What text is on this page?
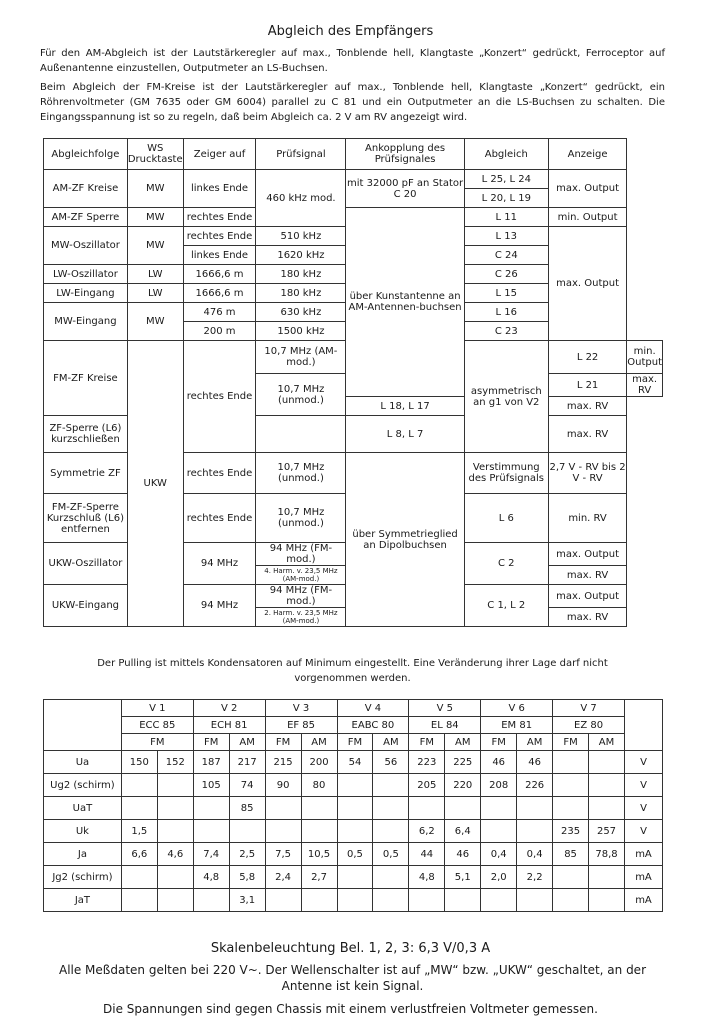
Abgleich des Empfängers
Für den AM-Abgleich ist der Lautstärkeregler auf max., Tonblende hell, Klangtaste „Konzert“ gedrückt, Ferroceptor auf Außenantenne einzustellen, Outputmeter an LS-Buchsen.
Beim Abgleich der FM-Kreise ist der Lautstärkeregler auf max., Tonblende hell, Klangtaste „Konzert“ gedrückt, ein Röhrenvoltmeter (GM 7635 oder GM 6004) parallel zu C 81 und ein Outputmeter an die LS-Buchsen zu schalten. Die Eingangsspannung ist so zu regeln, daß beim Abgleich ca. 2 V am RV angezeigt wird.
Abgleichfolge	WS Drucktaste	Zeiger auf	Prüfsignal	Ankopplung des Prüfsignales	Abgleich	Anzeige	
AM-ZF Kreise	MW	linkes Ende	460 kHz mod.	mit 32000 pF an Stator C 20	L 25, L 24	max. Output	
					L 20, L 19		
AM-ZF Sperre	MW	rechtes Ende		über Kunstantenne an AM-Antennen-buchsen	L 11	min. Output	

MW-Oszillator	MW	rechtes Ende	510 kHz		L 13	max. Output	
		linkes Ende	1620 kHz		C 24		
LW-Oszillator	LW	1666,6 m	180 kHz		C 26		
LW-Eingang	LW	1666,6 m	180 kHz		L 15		
MW-Eingang	MW	476 m	630 kHz		L 16		
		200 m	1500 kHz		C 23		
FM-ZF Kreise	UKW	rechtes Ende	10,7 MHz (AM-mod.)		asymmetrisch an g1 von V2	L 22	min. Output
			10,7 MHz (unmod.)			L 21	max. RV
				L 18, L 17		max. RV	
ZF-Sperre (L6) kurzschließen				L 8, L 7		max. RV	

Symmetrie ZF		rechtes Ende	10,7 MHz (unmod.)	über Symmetrieglied an Dipolbuchsen	Verstimmung des Prüfsignals	2,7 V - RV bis 2 V - RV	
FM-ZF-Sperre Kurzschluß (L6) entfernen		rechtes Ende	10,7 MHz (unmod.)		L 6	min. RV	
UKW-Oszillator		94 MHz	94 MHz (FM-mod.)		C 2	max. Output	
			4. Harm. v. 23,5 MHz (AM-mod.)			max. RV	
UKW-Eingang		94 MHz	94 MHz (FM-mod.)		C 1, L 2	max. Output	
			2. Harm. v. 23,5 MHz (AM-mod.)			max. RV	
Der Pulling ist mittels Kondensatoren auf Minimum eingestellt. Eine Veränderung ihrer Lage darf nicht vorgenommen werden.
	V 1		V 2		V 3		V 4		V 5		V 6		V 7		
	ECC 85		ECH 81		EF 85		EABC 80		EL 84		EM 81		EZ 80		
	FM		FM	AM	FM	AM	FM	AM	FM	AM	FM	AM	FM	AM	
Ua	150	152	187	217	215	200	54	56	223	225	46	46			V
Ug2 (schirm)			105	74	90	80			205	220	208	226			V
UaT				85											V
Uk	1,5								6,2	6,4			235	257	V
Ja	6,6	4,6	7,4	2,5	7,5	10,5	0,5	0,5	44	46	0,4	0,4	85	78,8	mA
Jg2 (schirm)			4,8	5,8	2,4	2,7			4,8	5,1	2,0	2,2			mA
JaT				3,1											mA
Skalenbeleuchtung Bel. 1, 2, 3: 6,3 V/0,3 A
Alle Meßdaten gelten bei 220 V~. Der Wellenschalter ist auf „MW“ bzw. „UKW“ geschaltet, an der Antenne ist kein Signal.
Die Spannungen sind gegen Chassis mit einem verlustfreien Voltmeter gemessen.
